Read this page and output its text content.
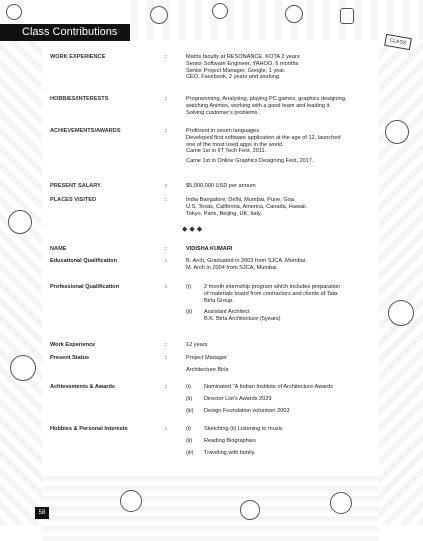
Class Contributions
CLASS
58
WORK EXPERIENCE	:	Maths faculty at RESONANCE, KOTA 2 years
Senior Software Engineer, YAHOO, 6 months
Senior Project Manager, Google, 1 year.
CEO, Facebook, 2 years and working.
HOBBIES/INTERESTS	:	Programming, Analysing, playing PC games, graphics designing,
watching Animes, working with a good team and leading it.
Solving customer's problems.
ACHIEVEMENTS/AWARDS	:	Proficient in seven languages.
Developed first software application at the age of 12, launched
one of the most used apps in the world.
Came 1st in IIT Tech Fest, 2011.
Came 1st in Online Graphics Designing Fest, 2017.
PRESENT SALARY	:	$5,000,000 USD per annum
PLACES VISITED	:	India Bangalore, Delhi, Mumbai, Pune, Goa.
U.S. Texas, California, America, Canada, Hawaii.
Tokyo, Paris, Beijing, UK, Italy.
◆◆◆
NAME	:	VIDISHA KUMARI
Educational Qualification	:	B. Arch, Graduated in 2003 from SJCA, Mumbai.
M. Arch in 2004 from SJCA, Mumbai.
Professional Qualification	:	(i) 2 month internship program which includes preparation
of materials board from contractors and clients of Tata
Birla Group.
(ii) Assistant Architect
B.K. Birla Architecture (5years)
Work Experience	:	12 years
Present Status	:	Project Manager
Architecture Birla
Achievements & Awards	:	(i) Nominated "A Indian Institute of Architecture Awards
(ii) Director List's Awards 2029
(iii) Design Foundation volunteer 2003
Hobbies & Personal Interests	:	(i) Sketching (ii) Listening to music
(ii) Reading Biographies
(iii) Traveling with family.
